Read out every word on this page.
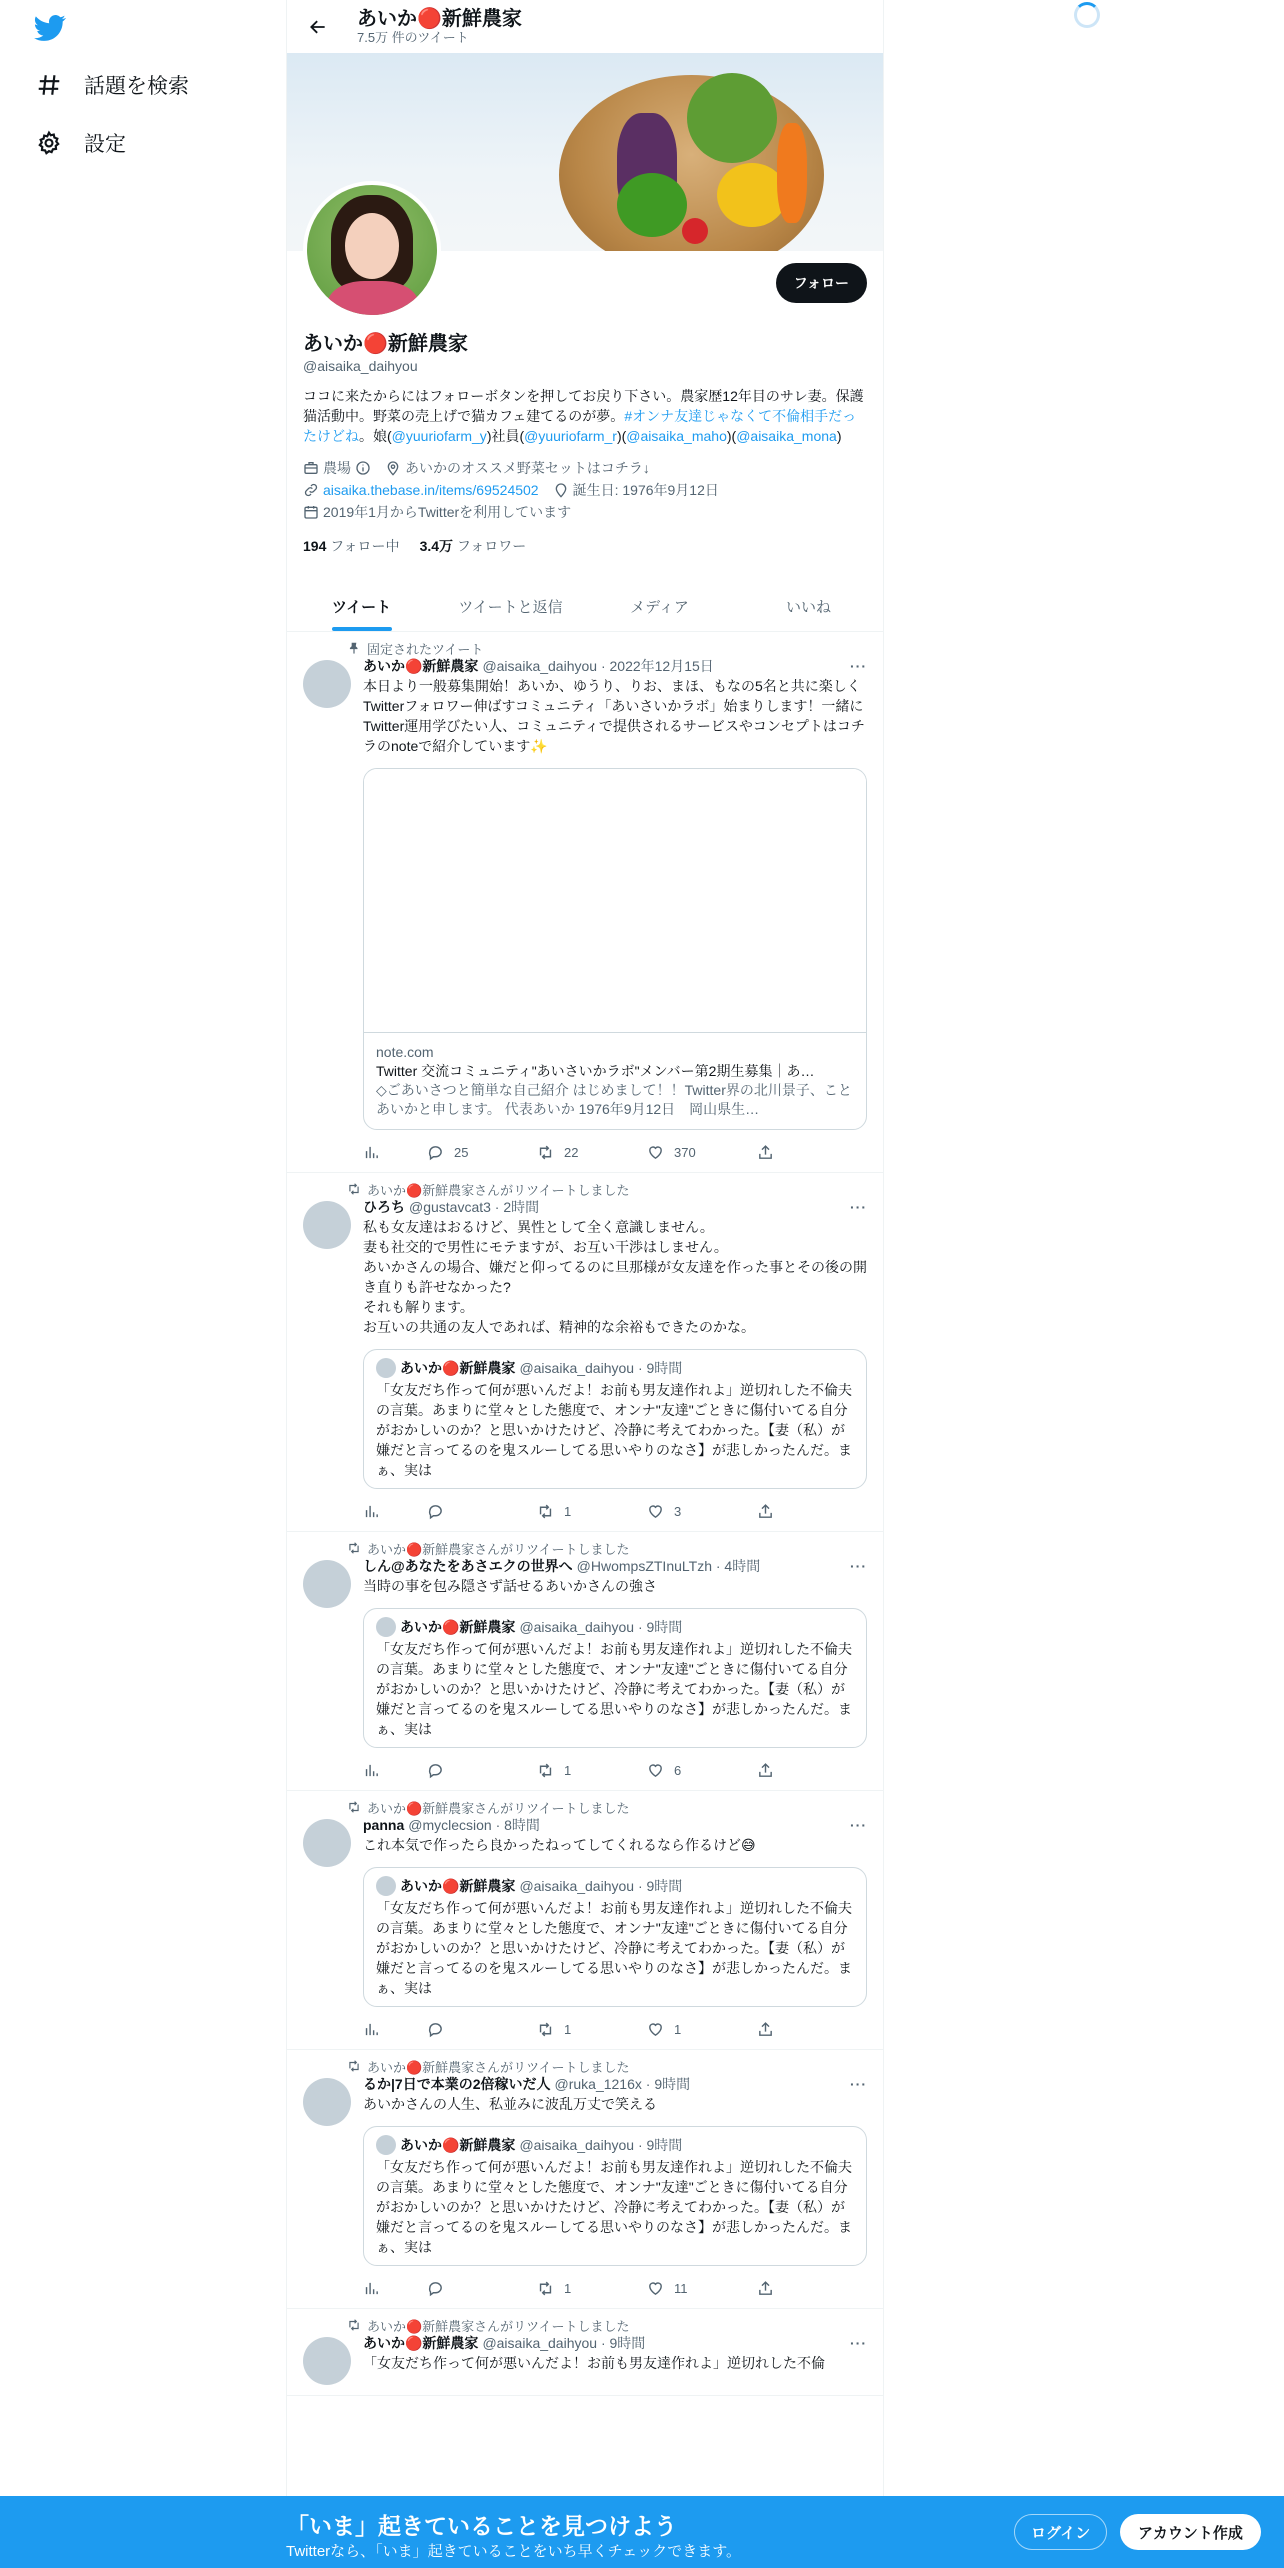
話題を検索
設定
あいか🔴新鮮農家
7.5万 件のツイート
フォロー
あいか🔴新鮮農家
@aisaika_daihyou
ココに来たからにはフォローボタンを押してお戻り下さい。農家歴12年目のサレ妻。保護猫活動中。野菜の売上げで猫カフェ建てるのが夢。#オンナ友達じゃなくて不倫相手だったけどね。娘(@yuuriofarm_y)社員(@yuuriofarm_r)(@aisaika_maho)(@aisaika_mona)
農場	あいかのオススメ野菜セットはコチラ↓
aisaika.thebase.in/items/69524502 誕生日: 1976年9月12日
2019年1月からTwitterを利用しています
194 フォロー中 3.4万 フォロワー
ツイート	ツイートと返信	メディア	いいね
固定されたツイート
あいか🔴新鮮農家 @aisaika_daihyou · 2022年12月15日	···
本日より一般募集開始！あいか、ゆうり、りお、まほ、もなの5名と共に楽しくTwitterフォロワー伸ばすコミュニティ「あいさいかラボ」始まりします！一緒にTwitter運用学びたい人、コミュニティで提供されるサービスやコンセプトはコチラのnoteで紹介しています✨
note.com
Twitter 交流コミュニティ"あいさいかラボ"メンバー第2期生募集｜あ…
◇ごあいさつと簡単な自己紹介 はじめまして！！Twitter界の北川景子、こと あいかと申します。 代表あいか 1976年9月12日　岡山県生…
25	22	370
あいか🔴新鮮農家さんがリツイートしました
ひろち @gustavcat3 · 2時間	···
私も女友達はおるけど、異性として全く意識しません。
妻も社交的で男性にモテますが、お互い干渉はしません。
あいかさんの場合、嫌だと仰ってるのに旦那様が女友達を作った事とその後の開き直りも許せなかった?
それも解ります。
お互いの共通の友人であれば、精神的な余裕もできたのかな。
あいか🔴新鮮農家 @aisaika_daihyou · 9時間
「女友だち作って何が悪いんだよ！お前も男友達作れよ」逆切れした不倫夫の言葉。あまりに堂々とした態度で、オンナ"友達"ごときに傷付いてる自分がおかしいのか？と思いかけたけど、冷静に考えてわかった。【妻（私）が嫌だと言ってるのを鬼スルーしてる思いやりのなさ】が悲しかったんだ。まぁ、実は
1	3
あいか🔴新鮮農家さんがリツイートしました
しん@あなたをあさエクの世界へ @HwompsZTInuLTzh · 4時間	···
当時の事を包み隠さず話せるあいかさんの強さ
あいか🔴新鮮農家 @aisaika_daihyou · 9時間
「女友だち作って何が悪いんだよ！お前も男友達作れよ」逆切れした不倫夫の言葉。あまりに堂々とした態度で、オンナ"友達"ごときに傷付いてる自分がおかしいのか？と思いかけたけど、冷静に考えてわかった。【妻（私）が嫌だと言ってるのを鬼スルーしてる思いやりのなさ】が悲しかったんだ。まぁ、実は
1	6
あいか🔴新鮮農家さんがリツイートしました
panna @myclecsion · 8時間	···
これ本気で作ったら良かったねってしてくれるなら作るけど😅
あいか🔴新鮮農家 @aisaika_daihyou · 9時間
「女友だち作って何が悪いんだよ！お前も男友達作れよ」逆切れした不倫夫の言葉。あまりに堂々とした態度で、オンナ"友達"ごときに傷付いてる自分がおかしいのか？と思いかけたけど、冷静に考えてわかった。【妻（私）が嫌だと言ってるのを鬼スルーしてる思いやりのなさ】が悲しかったんだ。まぁ、実は
1	1
あいか🔴新鮮農家さんがリツイートしました
るか|7日で本業の2倍稼いだ人 @ruka_1216x · 9時間	···
あいかさんの人生、私並みに波乱万丈で笑える
あいか🔴新鮮農家 @aisaika_daihyou · 9時間
「女友だち作って何が悪いんだよ！お前も男友達作れよ」逆切れした不倫夫の言葉。あまりに堂々とした態度で、オンナ"友達"ごときに傷付いてる自分がおかしいのか？と思いかけたけど、冷静に考えてわかった。【妻（私）が嫌だと言ってるのを鬼スルーしてる思いやりのなさ】が悲しかったんだ。まぁ、実は
1	11
あいか🔴新鮮農家さんがリツイートしました
あいか🔴新鮮農家 @aisaika_daihyou · 9時間	···
「女友だち作って何が悪いんだよ！お前も男友達作れよ」逆切れした不倫
「いま」起きていることを見つけよう
Twitterなら、「いま」起きていることをいち早くチェックできます。
ログイン	アカウント作成
